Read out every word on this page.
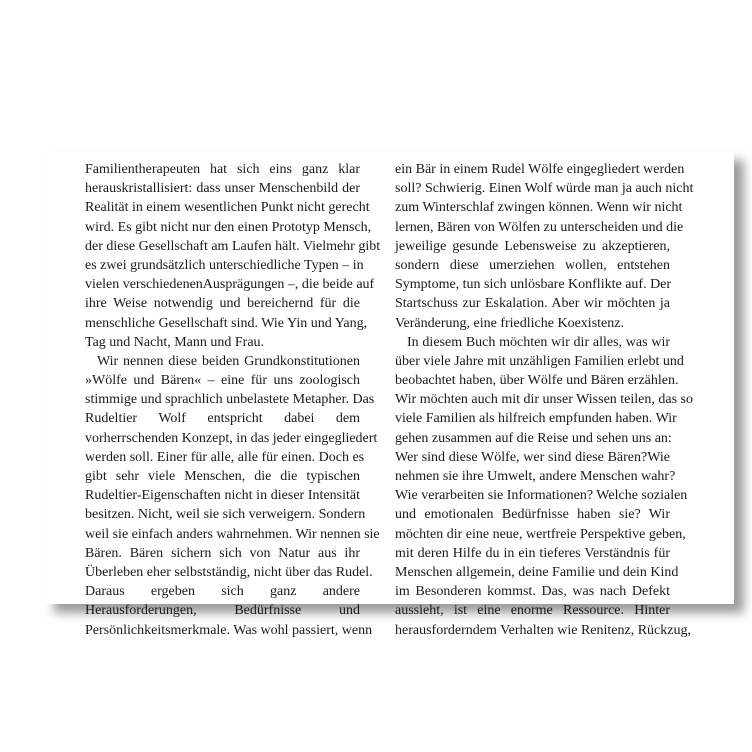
Familientherapeuten hat sich eins ganz klar
herauskristallisiert: dass unser Menschenbild der
Realität in einem wesentlichen Punkt nicht gerecht
wird. Es gibt nicht nur den einen Prototyp Mensch,
der diese Gesellschaft am Laufen hält. Vielmehr gibt
es zwei grundsätzlich unterschiedliche Typen – in
vielen verschiedenenAusprägungen –, die beide auf
ihre Weise notwendig und bereichernd für die
menschliche Gesellschaft sind. Wie Yin und Yang,
Tag und Nacht, Mann und Frau.
Wir nennen diese beiden Grundkonstitutionen
»Wölfe und Bären« – eine für uns zoologisch
stimmige und sprachlich unbelastete Metapher. Das
Rudeltier Wolf entspricht dabei dem
vorherrschenden Konzept, in das jeder eingegliedert
werden soll. Einer für alle, alle für einen. Doch es
gibt sehr viele Menschen, die die typischen
Rudeltier-Eigenschaften nicht in dieser Intensität
besitzen. Nicht, weil sie sich verweigern. Sondern
weil sie einfach anders wahrnehmen. Wir nennen sie
Bären. Bären sichern sich von Natur aus ihr
Überleben eher selbstständig, nicht über das Rudel.
Daraus ergeben sich ganz andere
Herausforderungen, Bedürfnisse und
Persönlichkeitsmerkmale. Was wohl passiert, wenn
ein Bär in einem Rudel Wölfe eingegliedert werden
soll? Schwierig. Einen Wolf würde man ja auch nicht
zum Winterschlaf zwingen können. Wenn wir nicht
lernen, Bären von Wölfen zu unterscheiden und die
jeweilige gesunde Lebensweise zu akzeptieren,
sondern diese umerziehen wollen, entstehen
Symptome, tun sich unlösbare Konflikte auf. Der
Startschuss zur Eskalation. Aber wir möchten ja
Veränderung, eine friedliche Koexistenz.
In diesem Buch möchten wir dir alles, was wir
über viele Jahre mit unzähligen Familien erlebt und
beobachtet haben, über Wölfe und Bären erzählen.
Wir möchten auch mit dir unser Wissen teilen, das so
viele Familien als hilfreich empfunden haben. Wir
gehen zusammen auf die Reise und sehen uns an:
Wer sind diese Wölfe, wer sind diese Bären?Wie
nehmen sie ihre Umwelt, andere Menschen wahr?
Wie verarbeiten sie Informationen? Welche sozialen
und emotionalen Bedürfnisse haben sie? Wir
möchten dir eine neue, wertfreie Perspektive geben,
mit deren Hilfe du in ein tieferes Verständnis für
Menschen allgemein, deine Familie und dein Kind
im Besonderen kommst. Das, was nach Defekt
aussieht, ist eine enorme Ressource. Hinter
herausforderndem Verhalten wie Renitenz, Rückzug,
